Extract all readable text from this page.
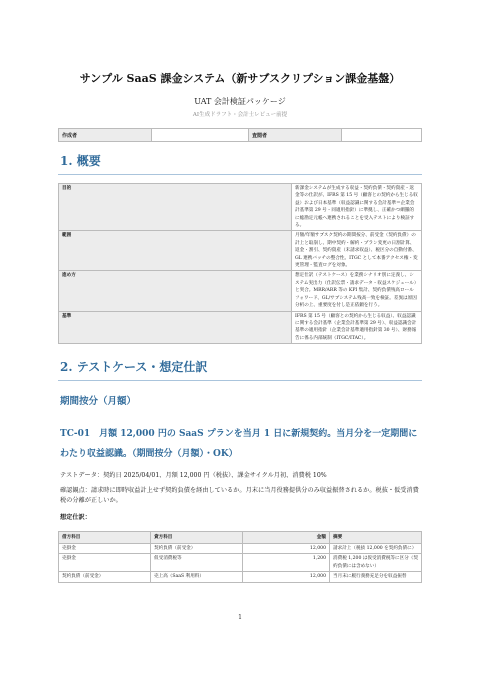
サンプル SaaS 課金システム（新サブスクリプション課金基盤）
UAT 会計検証パッケージ
AI生成ドラフト・会計士レビュー前提
作成者		査閲者	
1. 概要
目的	新課金システムが生成する収益・契約負債・契約資産・返金等の仕訳が、IFRS 第 15 号（顧客との契約から生じる収益）および日本基準（収益認識に関する会計基準＝企業会計基準第 29 号・同適用指針）に準拠し、正確かつ網羅的に総勘定元帳へ連携されることを受入テストにより検証する。
範囲	月額/年額サブスク契約の期間按分、前受金（契約負債）の計上と取崩し、期中契約・解約・プラン変更の日割計算、返金・割引、契約資産（未請求収益）、税区分の自動付番、GL 連携バッチの整合性。ITGC として本番アクセス権・変更管理・監査ログを対象。
進め方	想定仕訳（テストケース）を業務シナリオ別に定義し、システム実出力（仕訳伝票・請求データ・収益スケジュール）と突合。MRR/ARR 等の KPI 集計、契約負債残高ロールフォワード、GL/サブシステム残高一致を検証。差異は原因分析の上、重要度を付し是正依頼を行う。
基準	IFRS 第 15 号（顧客との契約から生じる収益）、収益認識に関する会計基準（企業会計基準第 29 号）、収益認識会計基準の適用指針（企業会計基準適用指針第 30 号）、財務報告に係る内部統制（ITGC/ITAC）。
2. テストケース・想定仕訳
期間按分（月額）
TC-01　月額 12,000 円の SaaS プランを当月 1 日に新規契約。当月分を一定期間にわたり収益認識。（期間按分（月額）・OK）
テストデータ：契約日 2025/04/01、月額 12,000 円（税抜）、課金サイクル月初、消費税 10%
確認観点：請求時に即時収益計上せず契約負債を経由しているか。月末に当月役務提供分のみ収益振替されるか。税抜・仮受消費税の分離が正しいか。
想定仕訳：
借方科目	貸方科目	金額	摘要
売掛金	契約負債（前受金）	12,000	請求計上（税抜 12,000 を契約負債に）
売掛金	仮受消費税等	1,200	消費税 1,200 は仮受消費税等に区分（契約負債には含めない）
契約負債（前受金）	売上高（SaaS 利用料）	12,000	当月末に履行義務充足分を収益振替
1
